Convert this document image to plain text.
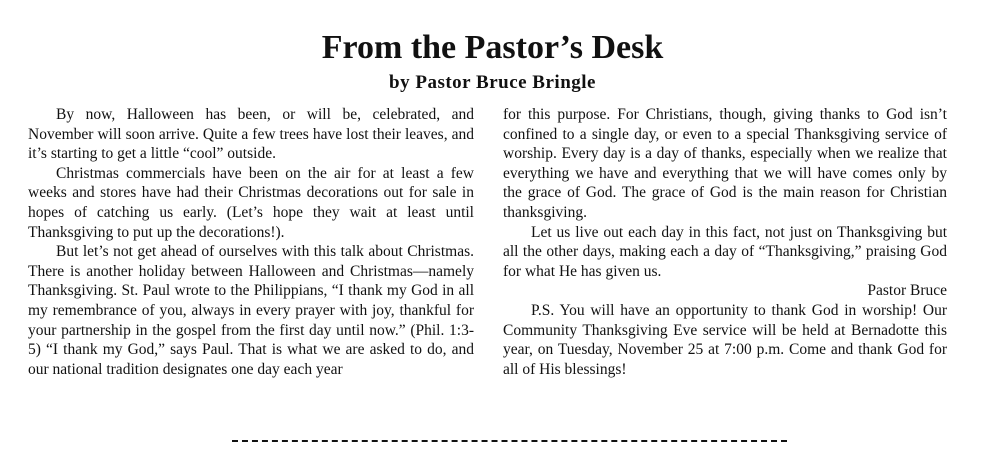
From the Pastor’s Desk
by Pastor Bruce Bringle

By now, Halloween has been, or will be, celebrated, and November will soon arrive. Quite a few trees have lost their leaves, and it’s starting to get a little “cool” outside.

Christmas commercials have been on the air for at least a few weeks and stores have had their Christmas decorations out for sale in hopes of catching us early. (Let’s hope they wait at least until Thanksgiving to put up the decorations!).

But let’s not get ahead of ourselves with this talk about Christmas. There is another holiday between Halloween and Christmas—namely Thanksgiving. St. Paul wrote to the Philippians, “I thank my God in all my remembrance of you, always in every prayer with joy, thankful for your partnership in the gospel from the first day until now.” (Phil. 1:3-5) “I thank my God,” says Paul. That is what we are asked to do, and our national tradition designates one day each year

for this purpose. For Christians, though, giving thanks to God isn’t confined to a single day, or even to a special Thanksgiving service of worship. Every day is a day of thanks, especially when we realize that everything we have and everything that we will have comes only by the grace of God. The grace of God is the main reason for Christian thanksgiving.

Let us live out each day in this fact, not just on Thanksgiving but all the other days, making each a day of “Thanksgiving,” praising God for what He has given us.

Pastor Bruce

P.S. You will have an opportunity to thank God in worship! Our Community Thanksgiving Eve service will be held at Bernadotte this year, on Tuesday, November 25 at 7:00 p.m. Come and thank God for all of His blessings!
